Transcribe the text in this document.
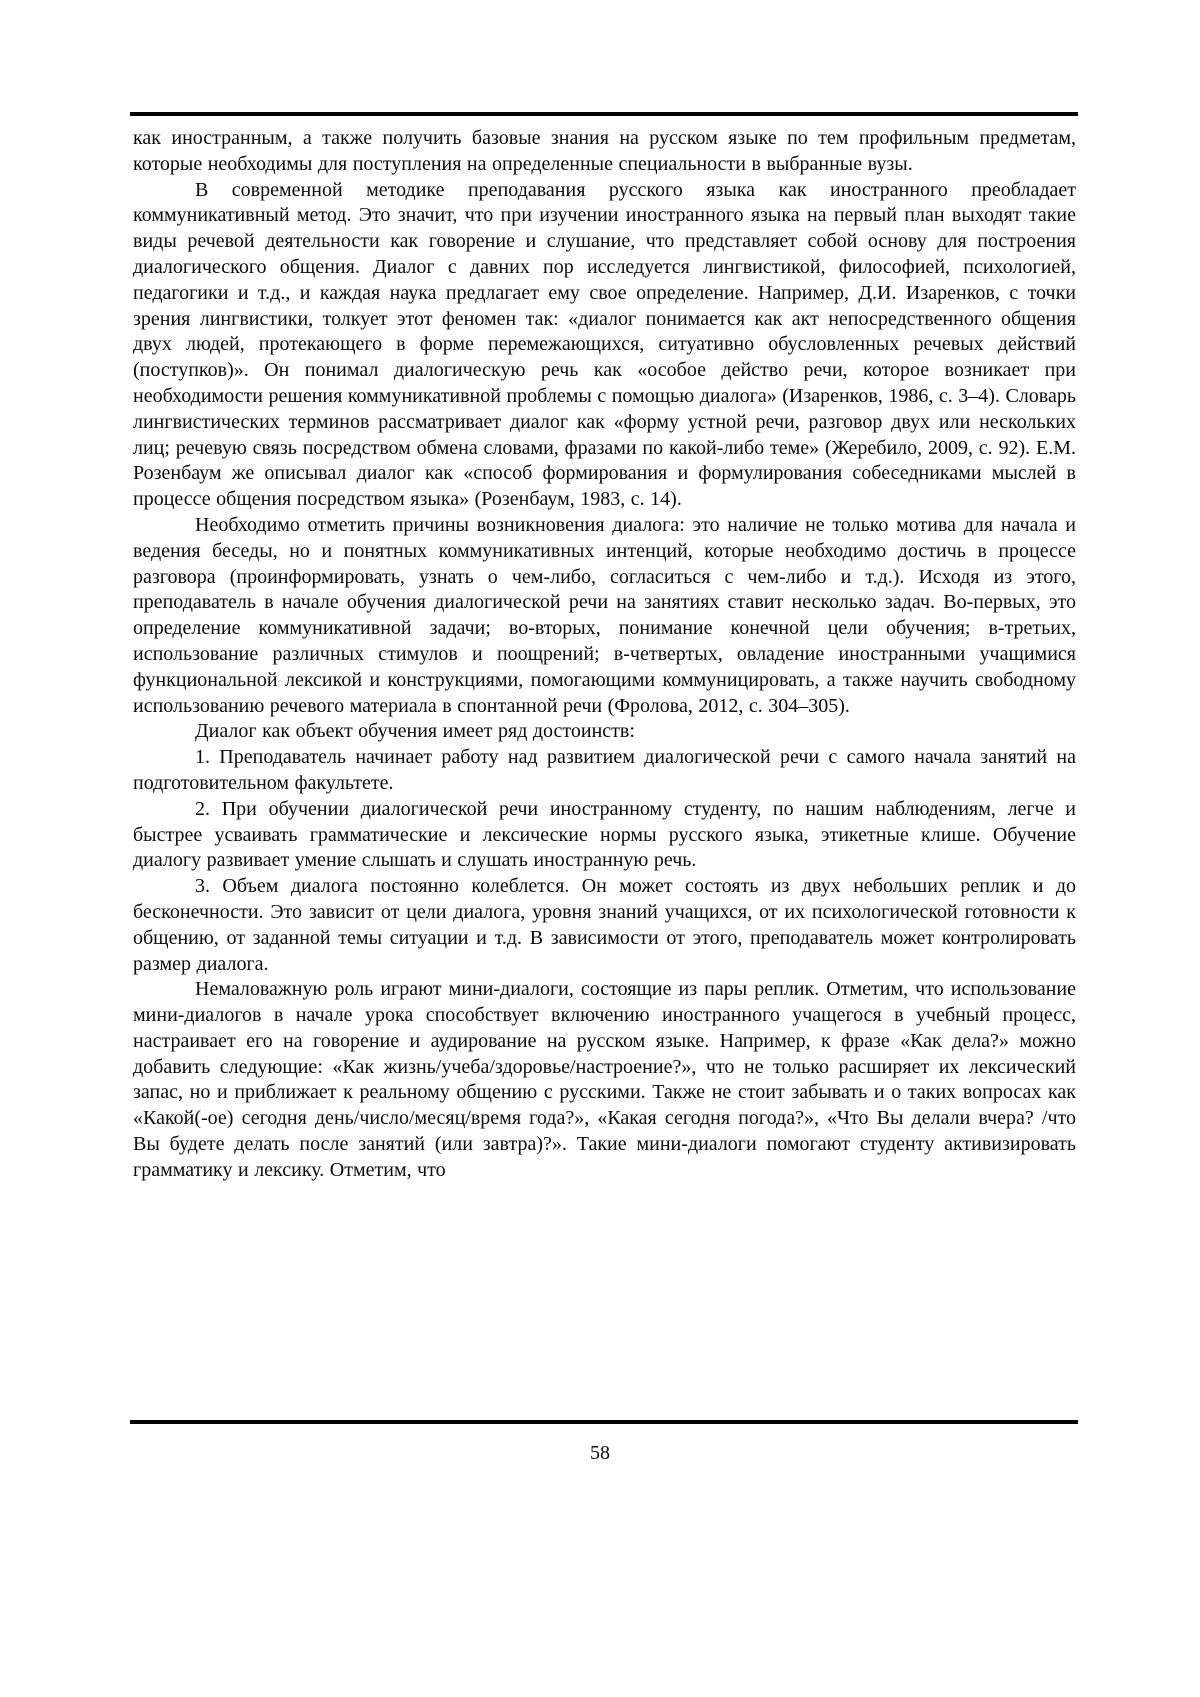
как иностранным, а также получить базовые знания на русском языке по тем профильным предметам, которые необходимы для поступления на определенные специальности в выбранные вузы.

В современной методике преподавания русского языка как иностранного преобладает коммуникативный метод. Это значит, что при изучении иностранного языка на первый план выходят такие виды речевой деятельности как говорение и слушание, что представляет собой основу для построения диалогического общения. Диалог с давних пор исследуется лингвистикой, философией, психологией, педагогики и т.д., и каждая наука предлагает ему свое определение. Например, Д.И. Изаренков, с точки зрения лингвистики, толкует этот феномен так: «диалог понимается как акт непосредственного общения двух людей, протекающего в форме перемежающихся, ситуативно обусловленных речевых действий (поступков)». Он понимал диалогическую речь как «особое действо речи, которое возникает при необходимости решения коммуникативной проблемы с помощью диалога» (Изаренков, 1986, с. 3–4). Словарь лингвистических терминов рассматривает диалог как «форму устной речи, разговор двух или нескольких лиц; речевую связь посредством обмена словами, фразами по какой-либо теме» (Жеребило, 2009, с. 92). Е.М. Розенбаум же описывал диалог как «способ формирования и формулирования собеседниками мыслей в процессе общения посредством языка» (Розенбаум, 1983, с. 14).

Необходимо отметить причины возникновения диалога: это наличие не только мотива для начала и ведения беседы, но и понятных коммуникативных интенций, которые необходимо достичь в процессе разговора (проинформировать, узнать о чем-либо, согласиться с чем-либо и т.д.). Исходя из этого, преподаватель в начале обучения диалогической речи на занятиях ставит несколько задач. Во-первых, это определение коммуникативной задачи; во-вторых, понимание конечной цели обучения; в-третьих, использование различных стимулов и поощрений; в-четвертых, овладение иностранными учащимися функциональной лексикой и конструкциями, помогающими коммуницировать, а также научить свободному использованию речевого материала в спонтанной речи (Фролова, 2012, с. 304–305).

Диалог как объект обучения имеет ряд достоинств:

1. Преподаватель начинает работу над развитием диалогической речи с самого начала занятий на подготовительном факультете.

2. При обучении диалогической речи иностранному студенту, по нашим наблюдениям, легче и быстрее усваивать грамматические и лексические нормы русского языка, этикетные клише. Обучение диалогу развивает умение слышать и слушать иностранную речь.

3. Объем диалога постоянно колеблется. Он может состоять из двух небольших реплик и до бесконечности. Это зависит от цели диалога, уровня знаний учащихся, от их психологической готовности к общению, от заданной темы ситуации и т.д. В зависимости от этого, преподаватель может контролировать размер диалога.

Немаловажную роль играют мини-диалоги, состоящие из пары реплик. Отметим, что использование мини-диалогов в начале урока способствует включению иностранного учащегося в учебный процесс, настраивает его на говорение и аудирование на русском языке. Например, к фразе «Как дела?» можно добавить следующие: «Как жизнь/учеба/здоровье/настроение?», что не только расширяет их лексический запас, но и приближает к реальному общению с русскими. Также не стоит забывать и о таких вопросах как «Какой(-ое) сегодня день/число/месяц/время года?», «Какая сегодня погода?», «Что Вы делали вчера? /что Вы будете делать после занятий (или завтра)?». Такие мини-диалоги помогают студенту активизировать грамматику и лексику. Отметим, что

58
